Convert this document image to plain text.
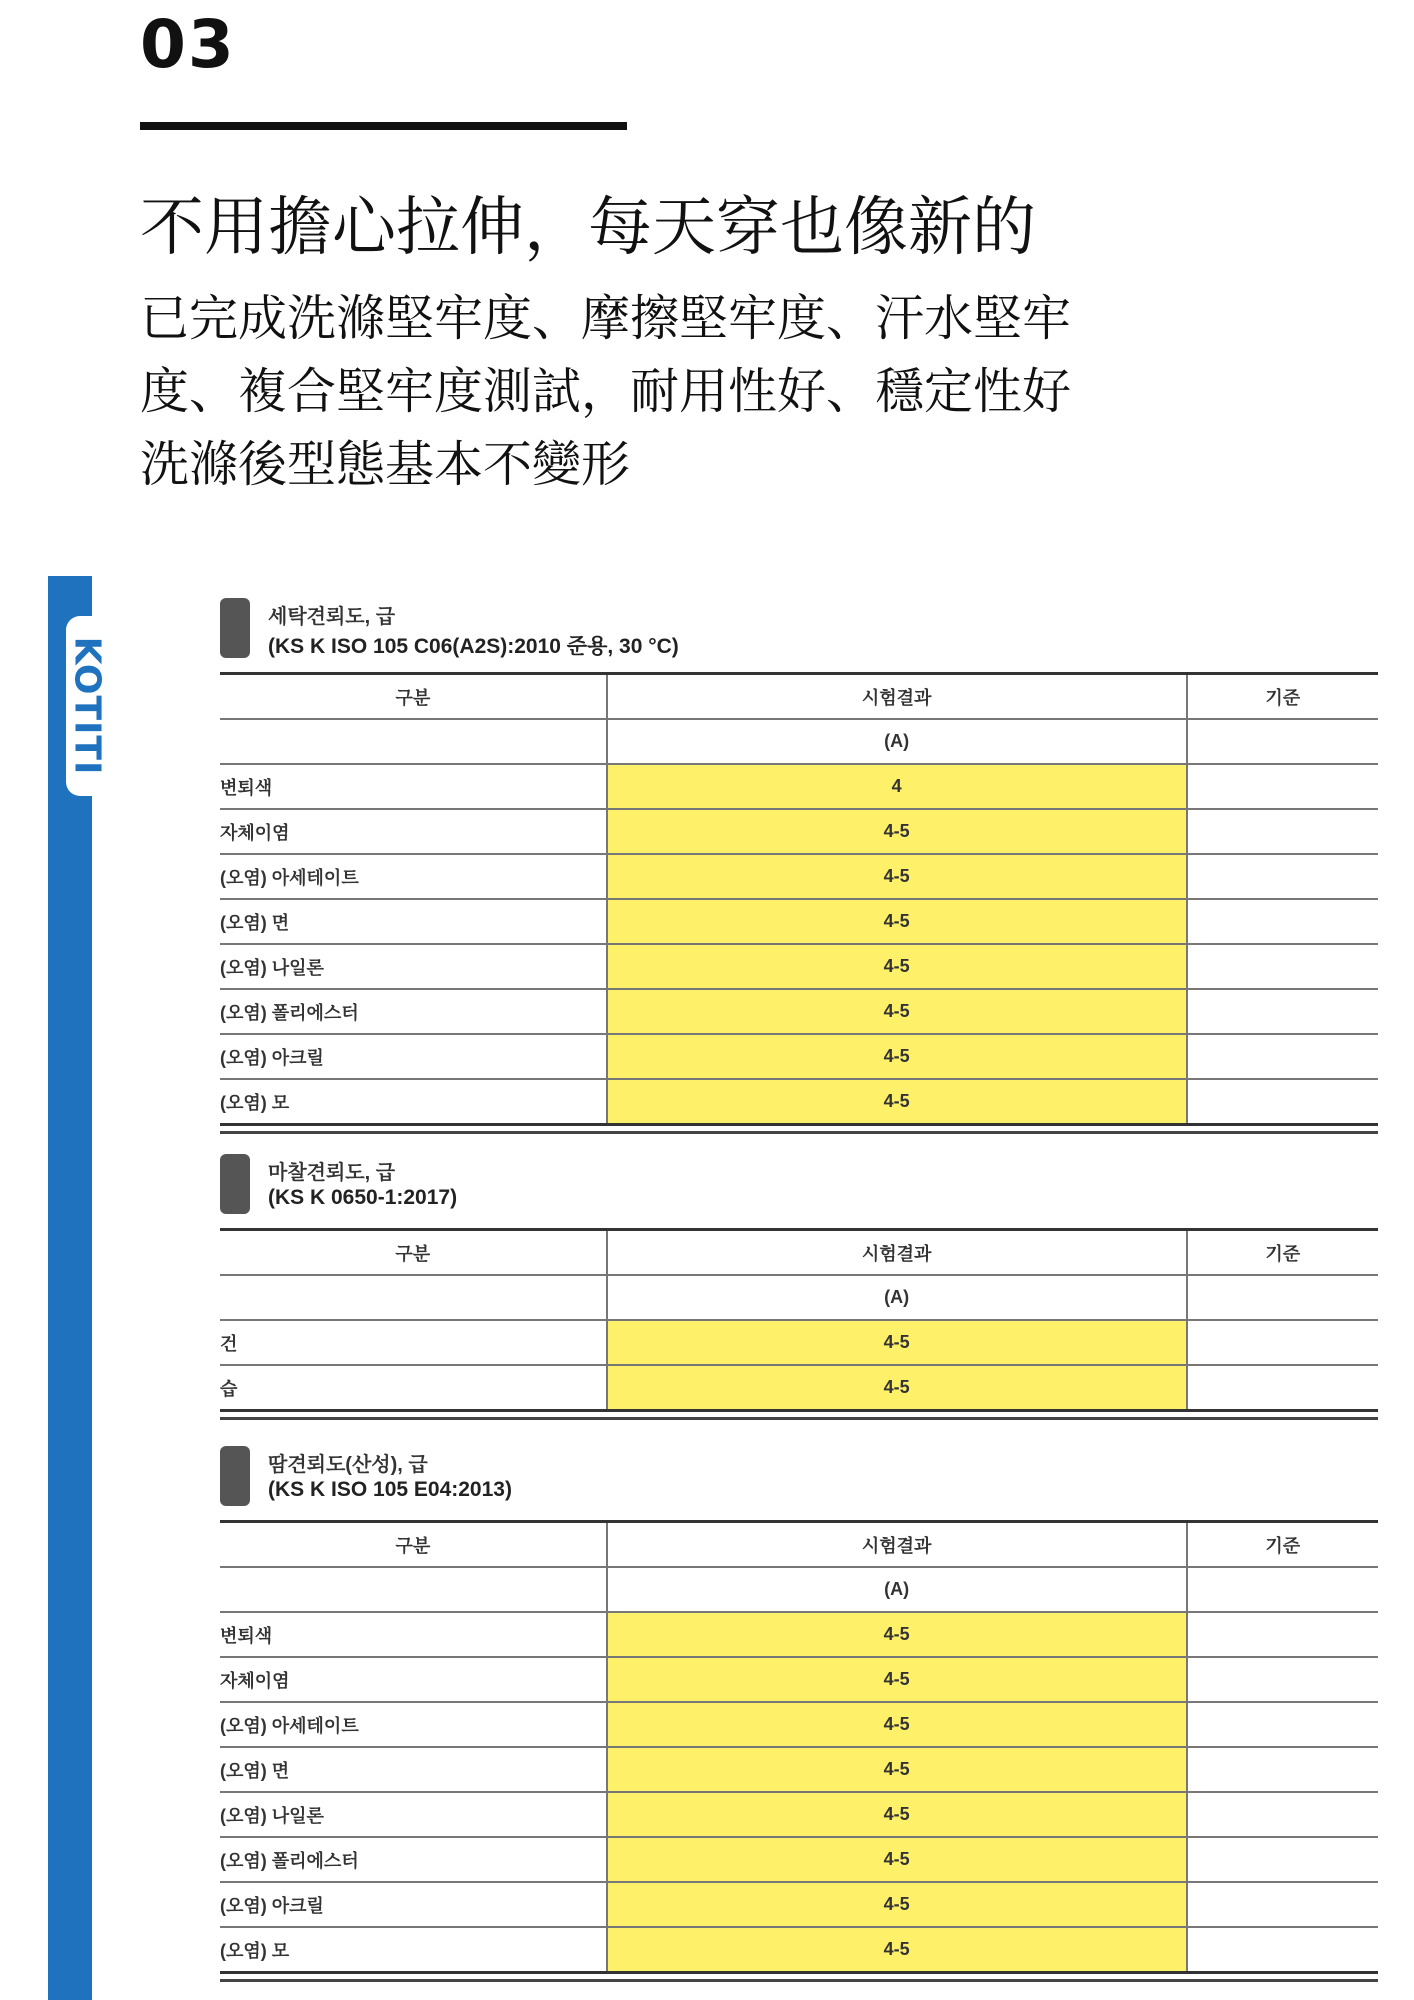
03
不用擔心拉伸，每天穿也像新的
已完成洗滌堅牢度、摩擦堅牢度、汗水堅牢
度、複合堅牢度測試，耐用性好、穩定性好
洗滌後型態基本不變形
KOTITI
세탁견뢰도, 급
(KS K ISO 105 C06(A2S):2010 준용, 30 °C)
구분	시험결과	기준
	(A)	
변퇴색	4	
자체이염	4-5	
(오염) 아세테이트	4-5	
(오염) 면	4-5	
(오염) 나일론	4-5	
(오염) 폴리에스터	4-5	
(오염) 아크릴	4-5	
(오염) 모	4-5	
마찰견뢰도, 급
(KS K 0650-1:2017)
구분	시험결과	기준
	(A)	
건	4-5	
습	4-5	
땀견뢰도(산성), 급
(KS K ISO 105 E04:2013)
구분	시험결과	기준
	(A)	
변퇴색	4-5	
자체이염	4-5	
(오염) 아세테이트	4-5	
(오염) 면	4-5	
(오염) 나일론	4-5	
(오염) 폴리에스터	4-5	
(오염) 아크릴	4-5	
(오염) 모	4-5	
